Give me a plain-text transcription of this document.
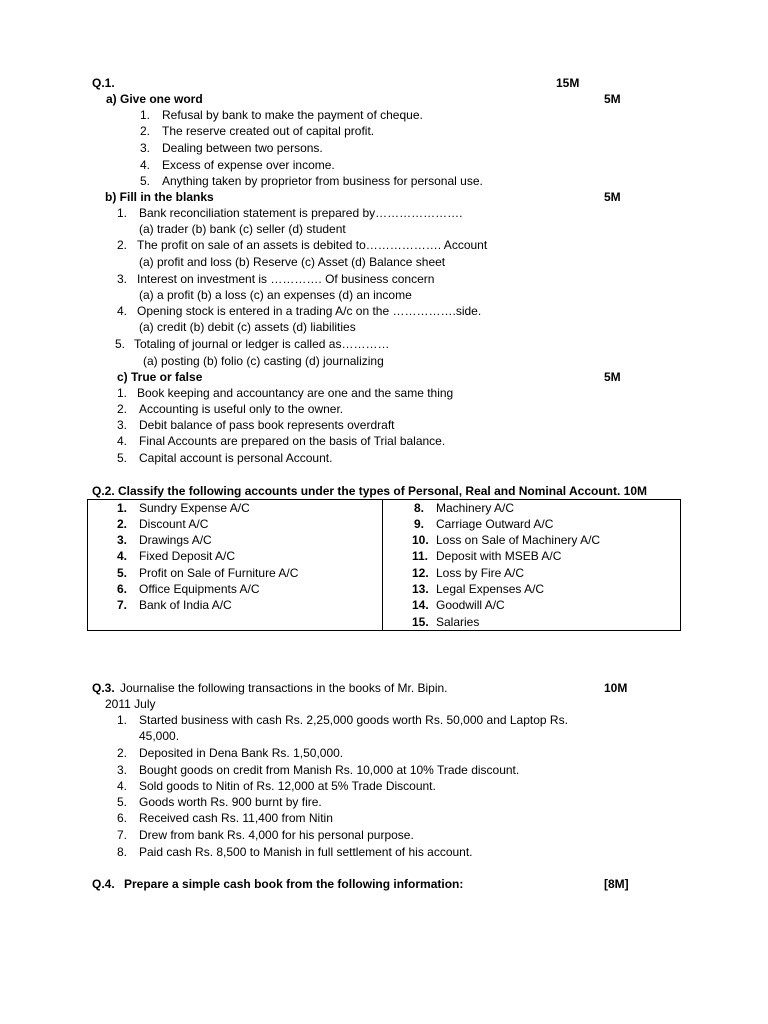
Q.1.	15M
a) Give one word	5M
1. Refusal by bank to make the payment of cheque.
2. The reserve created out of capital profit.
3. Dealing between two persons.
4. Excess of expense over income.
5. Anything taken by proprietor from business for personal use.
b) Fill in the blanks	5M
1. Bank reconciliation statement is prepared by………………….
(a) trader (b) bank (c) seller (d) student
2. The profit on sale of an assets is debited to………………. Account
(a) profit and loss (b) Reserve (c) Asset (d) Balance sheet
3. Interest on investment is …………. Of business concern
(a) a profit (b) a loss (c) an expenses (d) an income
4. Opening stock is entered in a trading A/c on the …………….side.
(a) credit (b) debit (c) assets (d) liabilities
5. Totaling of journal or ledger is called as…………
(a) posting (b) folio (c) casting (d) journalizing
c) True or false	5M
1. Book keeping and accountancy are one and the same thing
2. Accounting is useful only to the owner.
3. Debit balance of pass book represents overdraft
4. Final Accounts are prepared on the basis of Trial balance.
5. Capital account is personal Account.
Q.2. Classify the following accounts under the types of Personal, Real and Nominal Account. 10M
1. Sundry Expense A/C
2. Discount A/C
3. Drawings A/C
4. Fixed Deposit A/C
5. Profit on Sale of Furniture A/C
6. Office Equipments A/C
7. Bank of India A/C
8. Machinery A/C
9. Carriage Outward A/C
10. Loss on Sale of Machinery A/C
11. Deposit with MSEB A/C
12. Loss by Fire A/C
13. Legal Expenses A/C
14. Goodwill A/C
15. Salaries
Q.3. Journalise the following transactions in the books of Mr. Bipin.	10M
2011 July
1. Started business with cash Rs. 2,25,000 goods worth Rs. 50,000 and Laptop Rs.
45,000.
2. Deposited in Dena Bank Rs. 1,50,000.
3. Bought goods on credit from Manish Rs. 10,000 at 10% Trade discount.
4. Sold goods to Nitin of Rs. 12,000 at 5% Trade Discount.
5. Goods worth Rs. 900 burnt by fire.
6. Received cash Rs. 11,400 from Nitin
7. Drew from bank Rs. 4,000 for his personal purpose.
8. Paid cash Rs. 8,500 to Manish in full settlement of his account.
Q.4. Prepare a simple cash book from the following information:	[8M]
